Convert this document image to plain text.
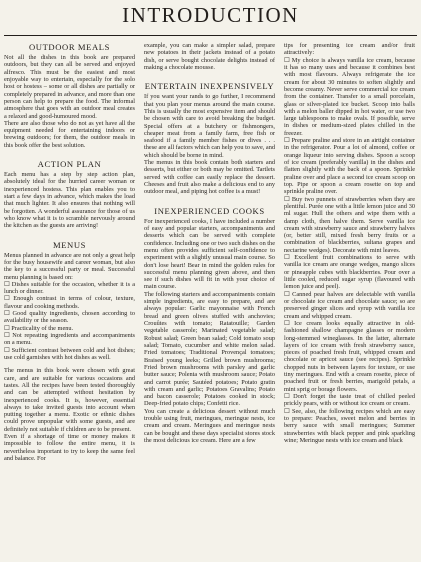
INTRODUCTION
OUTDOOR MEALS

Not all the dishes in this book are prepared outdoors, but they can all be served and enjoyed alfresco. This must be the easiest and most enjoyable way to entertain, especially for the solo host or hostess – some or all dishes are partially or completely prepared in advance, and more than one person can help to prepare the food. The informal atmosphere that goes with an outdoor meal creates a relaxed and good-humoured mood.

There are also those who do not as yet have all the equipment needed for entertaining indoors or brewing outdoors; for them, the outdoor meals in this book offer the best solution.

ACTION PLAN

Each menu has a step by step action plan, absolutely ideal for the hurried career woman or inexperienced hostess. This plan enables you to start a few days in advance, which makes the load that much lighter. It also ensures that nothing will be forgotten. A wonderful assurance for those of us who know what it is to scramble nervously around the kitchen as the guests are arriving!

MENUS

Menus planned in advance are not only a great help for the busy housewife and career woman, but also the key to a successful party or meal. Successful menu planning is based on:

☐ Dishes suitable for the occasion, whether it is a lunch or dinner.

☐ Enough contrast in terms of colour, texture, flavour and cooking methods.

☐ Good quality ingredients, chosen according to availability or the season.

☐ Practicality of the menu.

☐ Not repeating ingredients and accompaniments on a menu.

☐ Sufficient contrast between cold and hot dishes; use cold garnishes with hot dishes as well.

The menus in this book were chosen with great care, and are suitable for various occasions and tastes. All the recipes have been tested thoroughly and can be attempted without hesitation by inexperienced cooks. It is, however, essential always to take invited guests into account when putting together a menu. Exotic or ethnic dishes could prove unpopular with some guests, and are definitely not suitable if children are to be present.

Even if a shortage of time or money makes it impossible to follow the entire menu, it is nevertheless important to try to keep the same feel and balance. For

example, you can make a simpler salad, prepare new potatoes in their jackets instead of a potato dish, or serve bought chocolate delights instead of making a chocolate mousse.

ENTERTAIN INEXPENSIVELY

If you want your rands to go further, I recommend that you plan your menus around the main course. This is usually the most expensive item and should be chosen with care to avoid breaking the budget. Special offers at a butchery or fishmongers, cheaper meat from a family farm, free fish or seafood if a family member fishes or dives . . . these are all factors which can help you to save, and which should be borne in mind.

The menus in this book contain both starters and desserts, but either or both may be omitted. Tartlets served with coffee can easily replace the dessert. Cheeses and fruit also make a delicious end to any outdoor meal, and piping hot coffee is a must!

INEXPERIENCED COOKS

For inexperienced cooks, I have included a number of easy and popular starters, accompaniments and desserts which can be served with complete confidence. Including one or two such dishes on the menu often provides sufficient self-confidence to experiment with a slightly unusual main course. So don't lose heart! Bear in mind the golden rules for successful menu planning given above, and then see if such dishes will fit in with your choice of main course.

The following starters and accompaniments contain simple ingredients, are easy to prepare, and are always popular: Garlic mayonnaise with French bread and green olives stuffed with anchovies; Crouûtes with tomato; Ratatouille; Garden vegetable casserole; Marinated vegetable salad; Robust salad; Green bean salad; Cold tomato soup salad; Tomato, cucumber and white melon salad. Fried tomatoes; Traditional Provençal tomatoes; Braised young leeks; Grilled brown mushrooms; Fried brown mushrooms with parsley and garlic butter sauce; Polenta with mushroom sauce; Potato and carrot purée; Sautéed potatoes; Potato gratin with cream and garlic; Potatoes Gravalins; Potato and bacon casserole; Potatoes cooked in stock; Deep-fried potato chips; Confetti rice.

You can create a delicious dessert without much trouble using fruit, meringues, meringue nests, ice cream and cream. Meringues and meringue nests can be bought and these days specialist stores stock the most delicious ice cream. Here are a few

tips for presenting ice cream and/or fruit attractively:

☐ My choice is always vanilla ice cream, because it has so many uses and because it combines best with most flavours. Always refrigerate the ice cream for about 30 minutes to soften slightly and become creamy. Never serve commercial ice cream from the container. Transfer to a small porcelain, glass or silver-plated ice bucket. Scoop into balls with a melon baller dipped in hot water, or use two large tablespoons to make ovals. If possible, serve in dishes or medium-sized plates chilled in the freezer.

☐ Prepare praline and store in an airtight container in the refrigerator. Pour a lot of almond, coffee or orange liqueur into serving dishes. Spoon a scoop of ice cream (preferably vanilla) in the dishes and flatten slightly with the back of a spoon. Sprinkle praline over and place a second ice cream scoop on top. Pipe or spoon a cream rosette on top and sprinkle praline over.

☐ Buy two punnets of strawberries when they are plentiful. Purée one with a little lemon juice and 30 ml sugar. Hull the others and wipe them with a damp cloth, then halve them. Serve vanilla ice cream with strawberry sauce and strawberry halves (or, better still, mixed fresh berry fruits or a combination of blackberries, sultana grapes and nectarine wedges). Decorate with mint leaves.

☐ Excellent fruit combinations to serve with vanilla ice cream are orange wedges, mango slices or pineapple cubes with blackberries. Pour over a little cooled, reduced sugar syrup (flavoured with lemon juice and peel).

☐ Canned pear halves are delectable with vanilla or chocolate ice cream and chocolate sauce; so are preserved ginger slices and syrup with vanilla ice cream and whipped cream.

☐ Ice cream looks equally attractive in old-fashioned shallow champagne glasses or modern long-stemmed wineglasses. In the latter, alternate layers of ice cream with fresh strawberry sauce, pieces of poached fresh fruit, whipped cream and chocolate or apricot sauce (see recipes). Sprinkle chopped nuts in between layers for texture, or use tiny meringues. End with a cream rosette, piece of poached fruit or fresh berries, marigold petals, a mint sprig or borage flowers.

☐ Don't forget the taste treat of chilled peeled prickly pears, with or without ice cream or cream.

☐ See, also, the following recipes which are easy to prepare: Peaches, sweet melon and berries in berry sauce with small meringues; Summer strawberries with black pepper and pink sparkling wine; Meringue nests with ice cream and black
